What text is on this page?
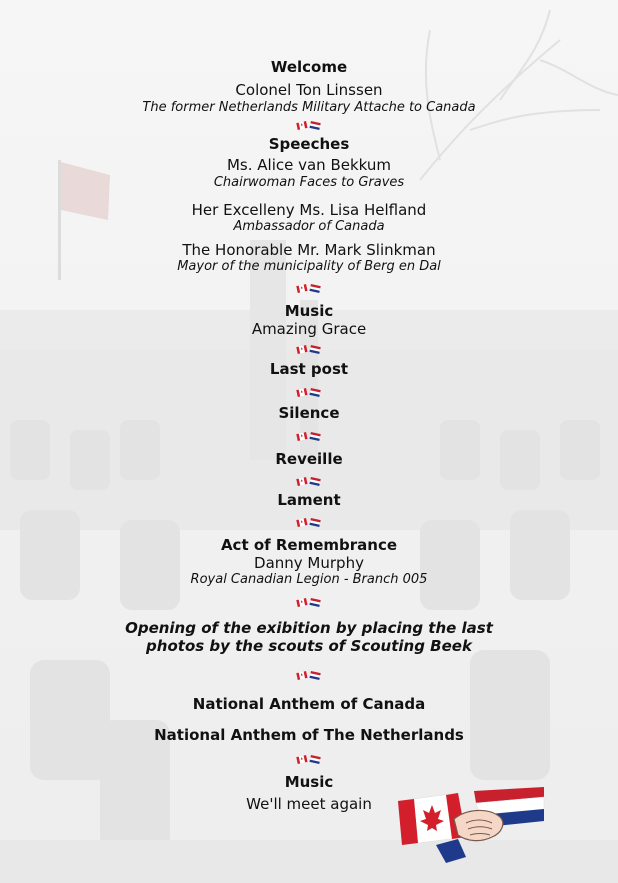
Welcome
Colonel Ton Linssen
The former Netherlands Military Attache to Canada
Speeches
Ms. Alice van Bekkum
Chairwoman Faces to Graves
Her Excelleny Ms. Lisa Helfland
Ambassador of Canada
The Honorable Mr. Mark Slinkman
Mayor of the municipality of Berg en Dal
Music
Amazing Grace
Last post
Silence
Reveille
Lament
Act of Remembrance
Danny Murphy
Royal Canadian Legion - Branch 005
Opening of the exibition by placing the last
photos by the scouts of Scouting Beek
National Anthem of Canada
National Anthem of The Netherlands
Music
We'll meet again
